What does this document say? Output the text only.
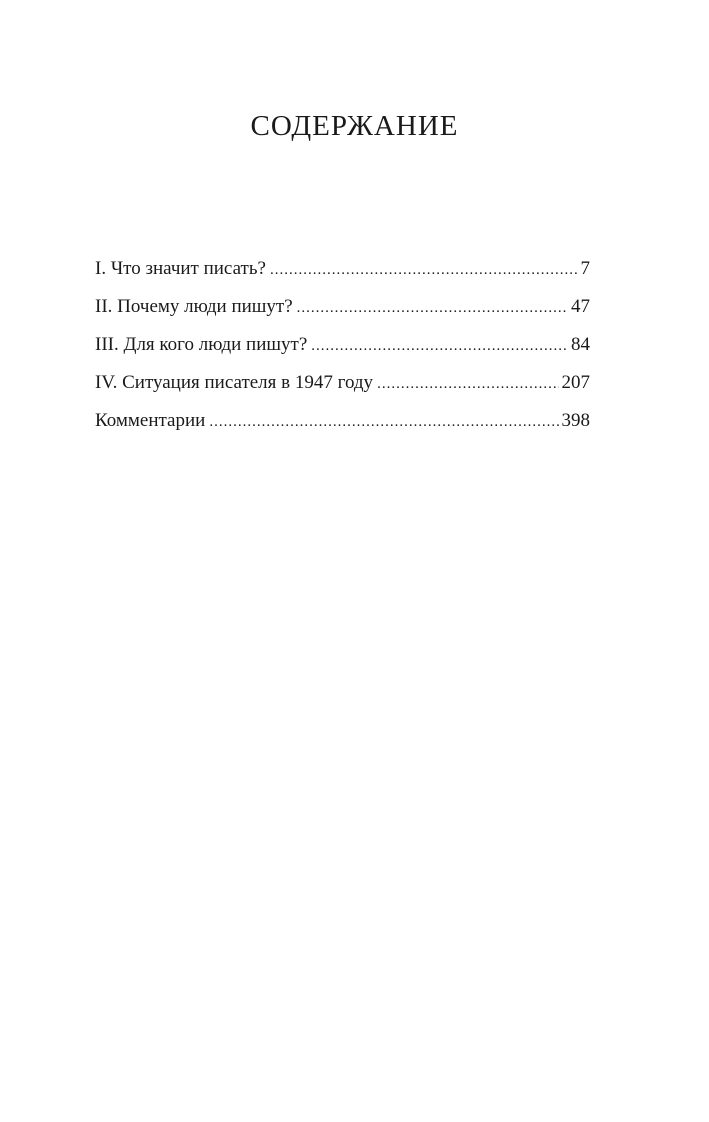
СОДЕРЖАНИЕ
I. Что значит писать? .....	7
II. Почему люди пишут? .....	47
III. Для кого люди пишут? .....	84
IV. Ситуация писателя в 1947 году .....	207
Комментарии .....	398
